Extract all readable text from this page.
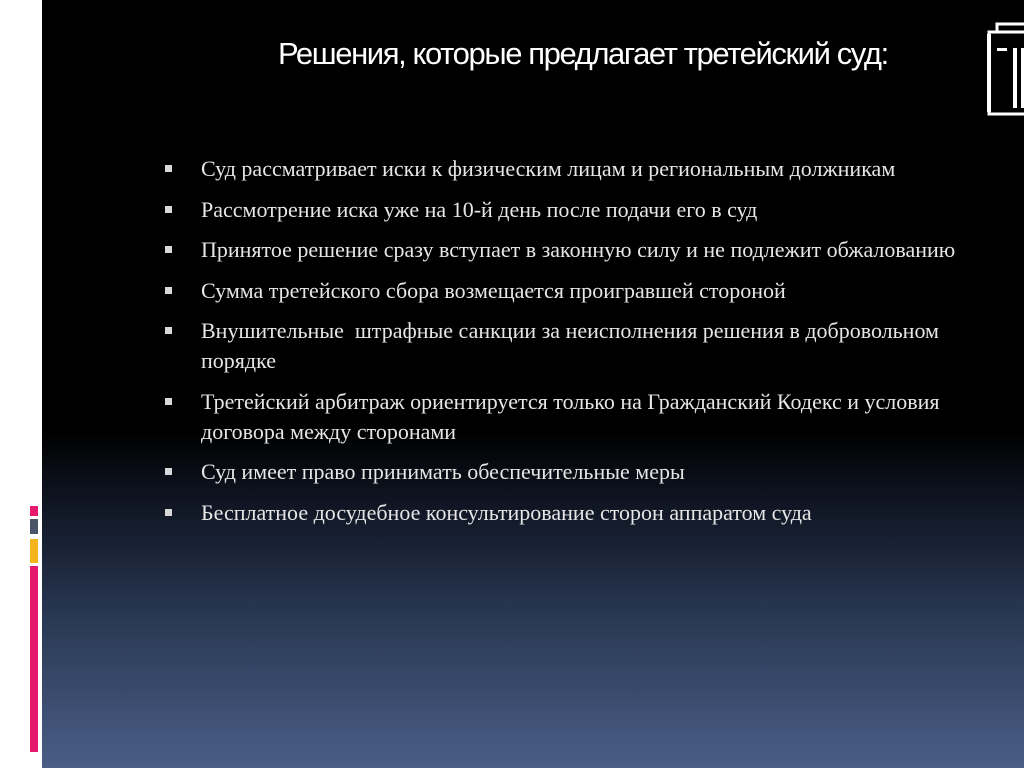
Решения, которые предлагает третейский суд:
Суд рассматривает иски к физическим лицам и региональным должникам
Рассмотрение иска уже на 10-й день после подачи его в суд
Принятое решение сразу вступает в законную силу и не подлежит обжалованию
Сумма третейского сбора возмещается проигравшей стороной
Внушительные  штрафные санкции за неисполнения решения в добровольном порядке
Третейский арбитраж ориентируется только на Гражданский Кодекс и условия договора между сторонами
Суд имеет право принимать обеспечительные меры
Бесплатное досудебное консультирование сторон аппаратом суда
